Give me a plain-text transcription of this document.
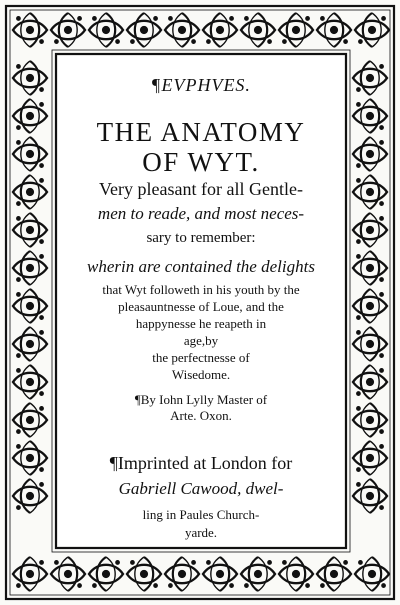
¶EVPHVES.
THE ANATOMY
OF WYT.
Very pleasant for all Gentle-
men to reade, and most neces-
sary to remember:
wherin are contained the delights
that Wyt followeth in his youth by the
pleasauntnesse of Loue, and the
happynesse he reapeth in
age,by
the perfectnesse of
Wisedome.
¶By Iohn Lylly Master of
Arte. Oxon.
¶Imprinted at London for
Gabriell Cawood, dwel-
ling in Paules Church-
yarde.
